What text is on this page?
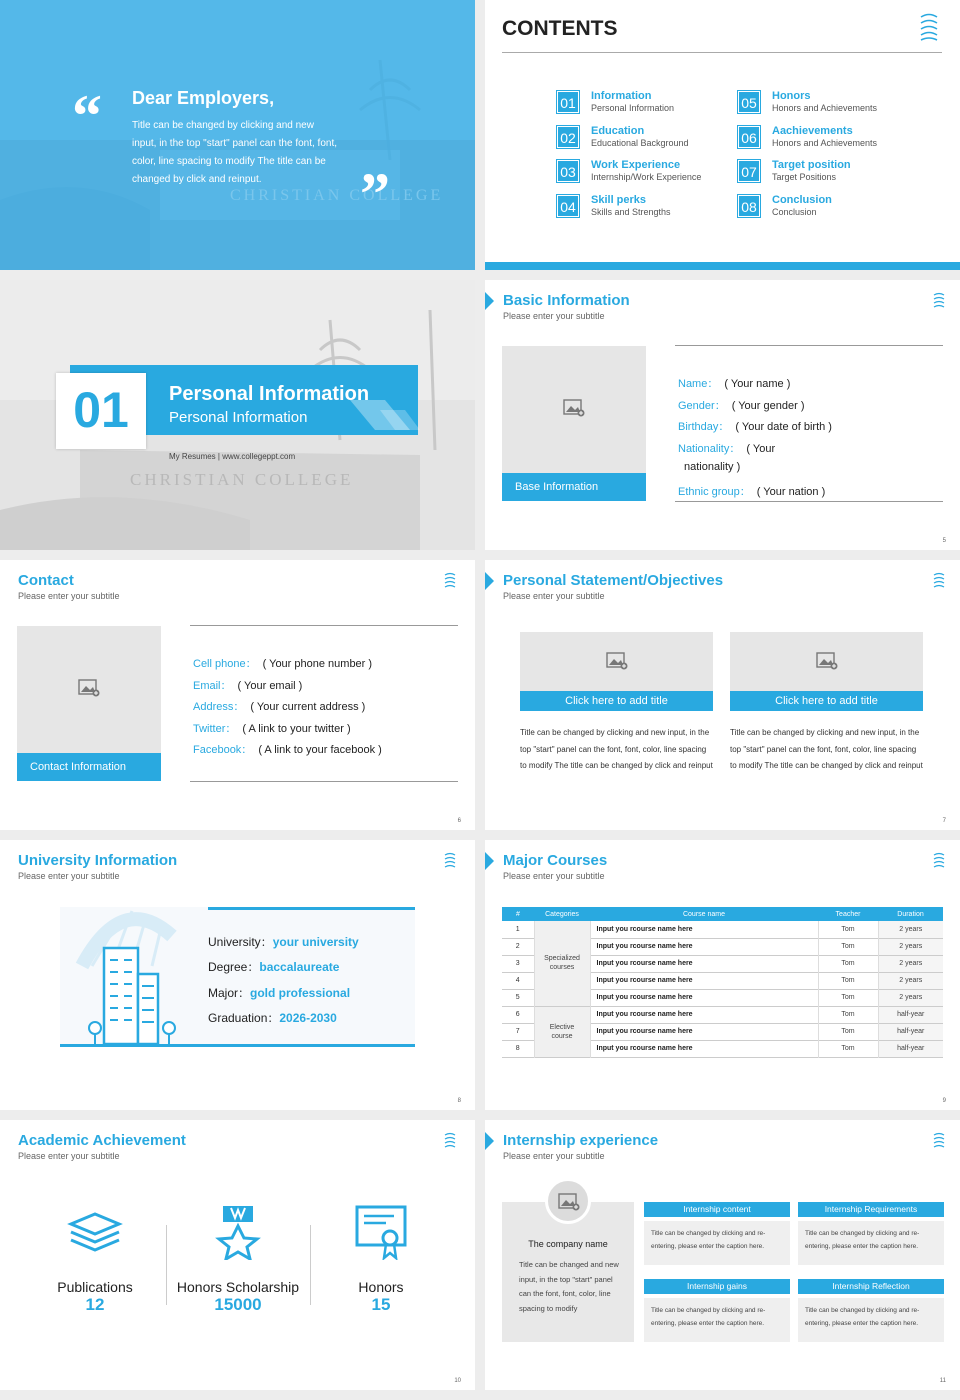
“ Dear Employers,
Title can be changed by clicking and new input, in the top "start" panel can the font, font, color, line spacing to modify The title can be changed by click and reinput.
CHRISTIAN COLLEGE
”
CONTENTS
01 Information
Personal Information
02 Education
Educational Background
03 Work Experience
Internship/Work Experience
04 Skill perks
Skills and Strengths
05 Honors
Honors and Achievements
06 Aachievements
Honors and Achievements
07 Target position
Target Positions
08 Conclusion
Conclusion
01	Personal Information
Personal Information
My Resumes | www.collegeppt.com
CHRISTIAN COLLEGE
Basic Information
Please enter your subtitle
Base Information
Name： ( Your name )
Gender： ( Your gender )
Birthday： ( Your date of birth )
Nationality： ( Your
nationality )
Ethnic group： ( Your nation )
5
Contact
Please enter your subtitle
Contact Information
Cell phone： ( Your phone number )
Email： ( Your email )
Address： ( Your current address )
Twitter： ( A link to your twitter )
Facebook： ( A link to your facebook )
6
Personal Statement/Objectives
Please enter your subtitle
Click here to add title
Title can be changed by clicking and new input, in the top "start" panel can the font, font, color, line spacing to modify The title can be changed by click and reinput
Click here to add title
Title can be changed by clicking and new input, in the top "start" panel can the font, font, color, line spacing to modify The title can be changed by click and reinput
7
University Information
Please enter your subtitle
University：your university
Degree：baccalaureate
Major：gold professional
Graduation：2026-2030
8
Major Courses
Please enter your subtitle
#	Categories	Course name	Teacher	Duration
1	Specialized courses	Input you rcourse name here	Tom	2 years
2		Input you rcourse name here	Tom	2 years
3		Input you rcourse name here	Tom	2 years
4		Input you rcourse name here	Tom	2 years
5		Input you rcourse name here	Tom	2 years
6	Elective course	Input you rcourse name here	Tom	half-year
7		Input you rcourse name here	Tom	half-year
8		Input you rcourse name here	Tom	half-year
9
Academic Achievement
Please enter your subtitle
Publications
12
Honors Scholarship
15000
Honors
15
10
Internship experience
Please enter your subtitle
The company name
Title can be changed and new input, in the top "start" panel can the font, font, color, line spacing to modify
Internship content
Title can be changed by clicking and re-entering, please enter the caption here.
Internship Requirements
Title can be changed by clicking and re-entering, please enter the caption here.
Internship gains
Title can be changed by clicking and re-entering, please enter the caption here.
Internship Reflection
Title can be changed by clicking and re-entering, please enter the caption here.
11
